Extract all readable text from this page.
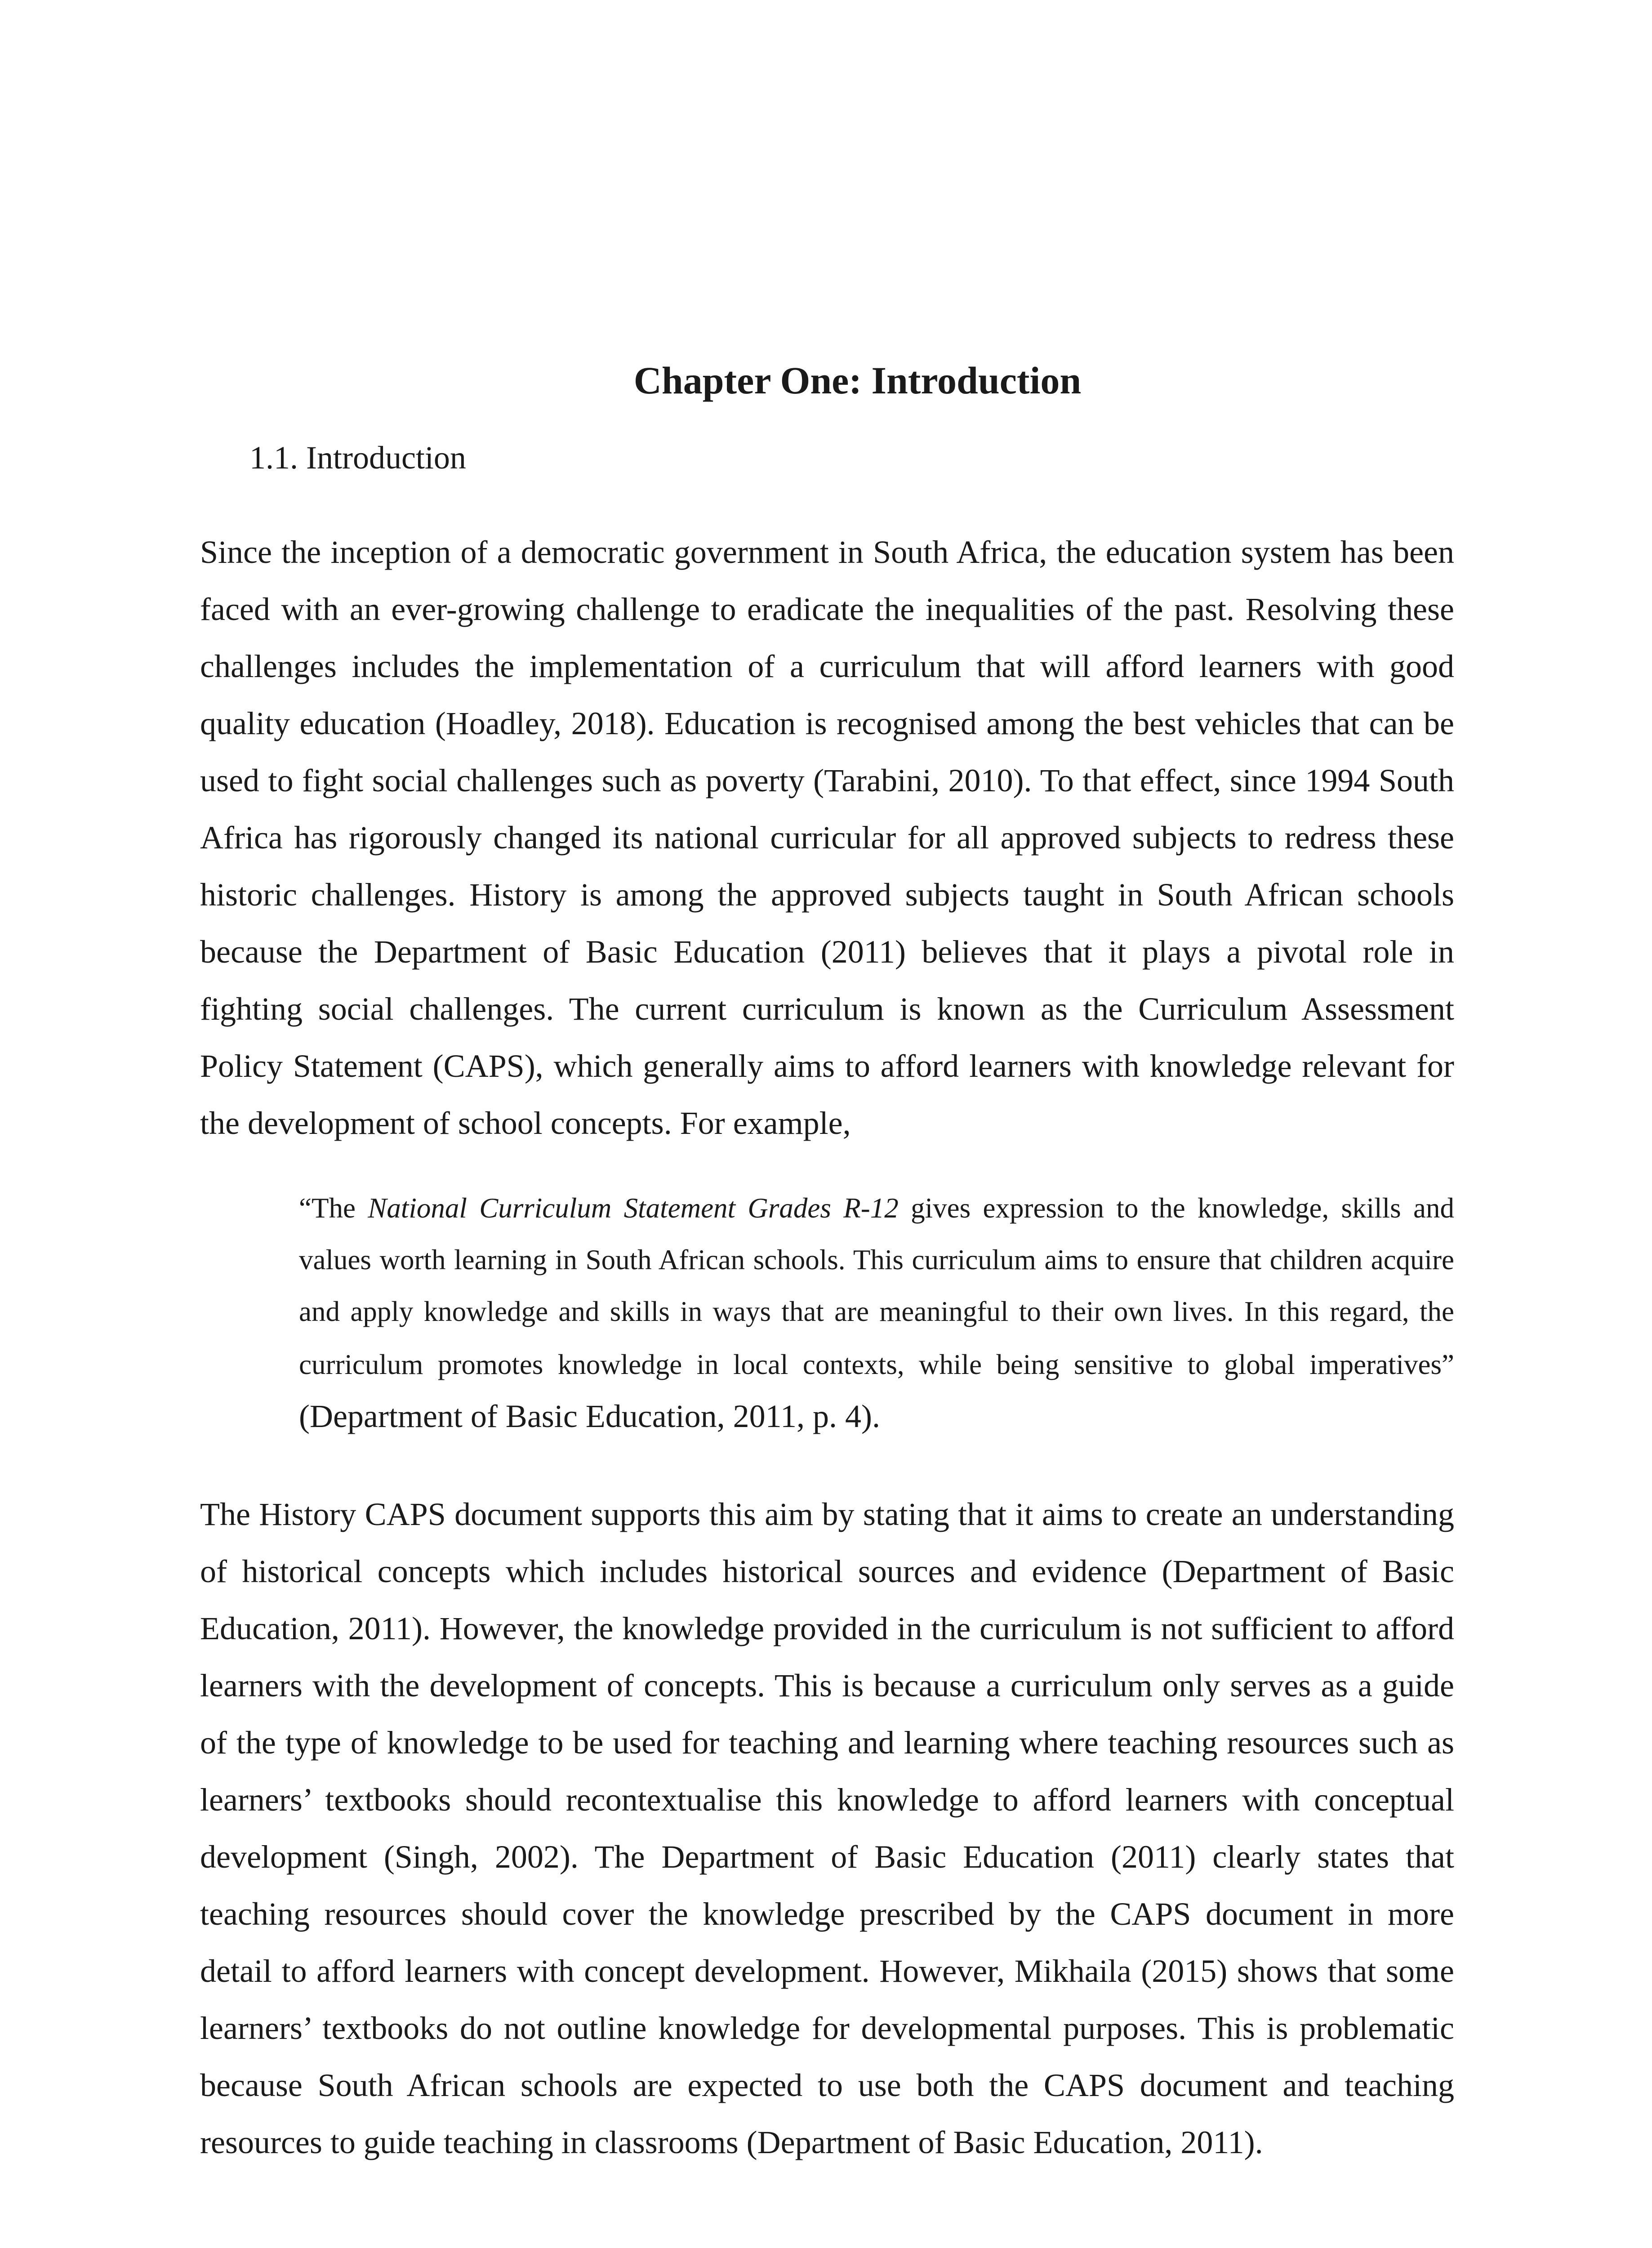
Chapter One: Introduction
1.1. Introduction

Since the inception of a democratic government in South Africa, the education system has been faced with an ever-growing challenge to eradicate the inequalities of the past. Resolving these challenges includes the implementation of a curriculum that will afford learners with good quality education (Hoadley, 2018). Education is recognised among the best vehicles that can be used to fight social challenges such as poverty (Tarabini, 2010). To that effect, since 1994 South Africa has rigorously changed its national curricular for all approved subjects to redress these historic challenges. History is among the approved subjects taught in South African schools because the Department of Basic Education (2011) believes that it plays a pivotal role in fighting social challenges. The current curriculum is known as the Curriculum Assessment Policy Statement (CAPS), which generally aims to afford learners with knowledge relevant for the development of school concepts. For example,

“The National Curriculum Statement Grades R-12 gives expression to the knowledge, skills and values worth learning in South African schools. This curriculum aims to ensure that children acquire and apply knowledge and skills in ways that are meaningful to their own lives. In this regard, the curriculum promotes knowledge in local contexts, while being sensitive to global imperatives” (Department of Basic Education, 2011, p. 4).

The History CAPS document supports this aim by stating that it aims to create an understanding of historical concepts which includes historical sources and evidence (Department of Basic Education, 2011). However, the knowledge provided in the curriculum is not sufficient to afford learners with the development of concepts. This is because a curriculum only serves as a guide of the type of knowledge to be used for teaching and learning where teaching resources such as learners’ textbooks should recontextualise this knowledge to afford learners with conceptual development (Singh, 2002). The Department of Basic Education (2011) clearly states that teaching resources should cover the knowledge prescribed by the CAPS document in more detail to afford learners with concept development. However, Mikhaila (2015) shows that some learners’ textbooks do not outline knowledge for developmental purposes. This is problematic because South African schools are expected to use both the CAPS document and teaching resources to guide teaching in classrooms (Department of Basic Education, 2011).
